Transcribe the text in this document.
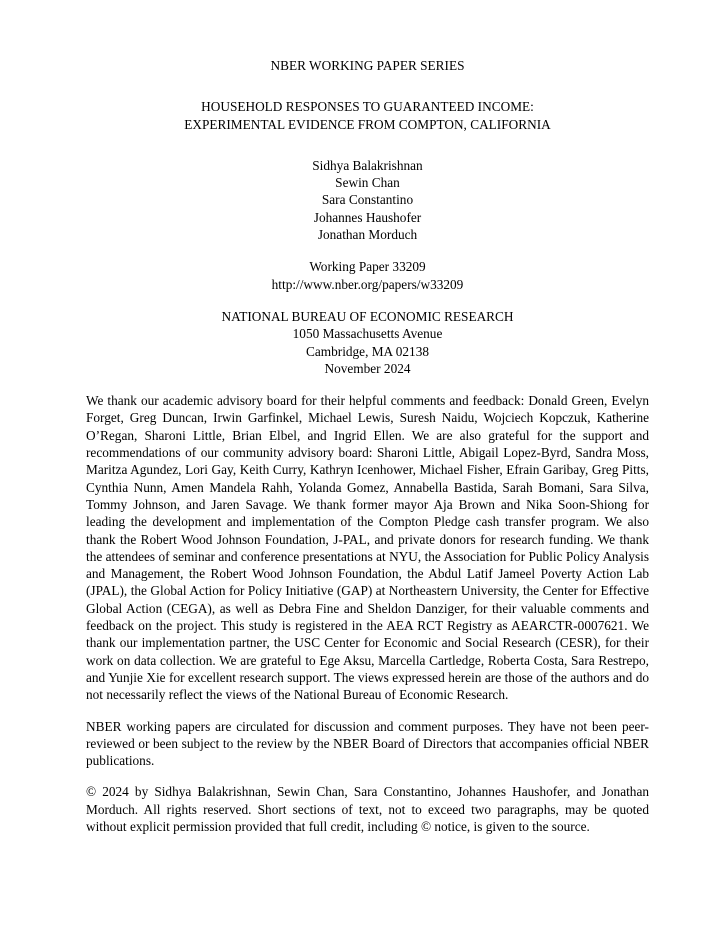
NBER WORKING PAPER SERIES

HOUSEHOLD RESPONSES TO GUARANTEED INCOME:
EXPERIMENTAL EVIDENCE FROM COMPTON, CALIFORNIA

Sidhya Balakrishnan
Sewin Chan
Sara Constantino
Johannes Haushofer
Jonathan Morduch

Working Paper 33209
http://www.nber.org/papers/w33209

NATIONAL BUREAU OF ECONOMIC RESEARCH
1050 Massachusetts Avenue
Cambridge, MA 02138
November 2024

We thank our academic advisory board for their helpful comments and feedback: Donald Green, Evelyn Forget, Greg Duncan, Irwin Garfinkel, Michael Lewis, Suresh Naidu, Wojciech Kopczuk, Katherine O’Regan, Sharoni Little, Brian Elbel, and Ingrid Ellen. We are also grateful for the support and recommendations of our community advisory board: Sharoni Little, Abigail Lopez-Byrd, Sandra Moss, Maritza Agundez, Lori Gay, Keith Curry, Kathryn Icenhower, Michael Fisher, Efrain Garibay, Greg Pitts, Cynthia Nunn, Amen Mandela Rahh, Yolanda Gomez, Annabella Bastida, Sarah Bomani, Sara Silva, Tommy Johnson, and Jaren Savage. We thank former mayor Aja Brown and Nika Soon-Shiong for leading the development and implementation of the Compton Pledge cash transfer program. We also thank the Robert Wood Johnson Foundation, J-PAL, and private donors for research funding. We thank the attendees of seminar and conference presentations at NYU, the Association for Public Policy Analysis and Management, the Robert Wood Johnson Foundation, the Abdul Latif Jameel Poverty Action Lab (JPAL), the Global Action for Policy Initiative (GAP) at Northeastern University, the Center for Effective Global Action (CEGA), as well as Debra Fine and Sheldon Danziger, for their valuable comments and feedback on the project. This study is registered in the AEA RCT Registry as AEARCTR-0007621. We thank our implementation partner, the USC Center for Economic and Social Research (CESR), for their work on data collection. We are grateful to Ege Aksu, Marcella Cartledge, Roberta Costa, Sara Restrepo, and Yunjie Xie for excellent research support. The views expressed herein are those of the authors and do not necessarily reflect the views of the National Bureau of Economic Research.

NBER working papers are circulated for discussion and comment purposes. They have not been peer-reviewed or been subject to the review by the NBER Board of Directors that accompanies official NBER publications.

© 2024 by Sidhya Balakrishnan, Sewin Chan, Sara Constantino, Johannes Haushofer, and Jonathan Morduch. All rights reserved. Short sections of text, not to exceed two paragraphs, may be quoted without explicit permission provided that full credit, including © notice, is given to the source.
